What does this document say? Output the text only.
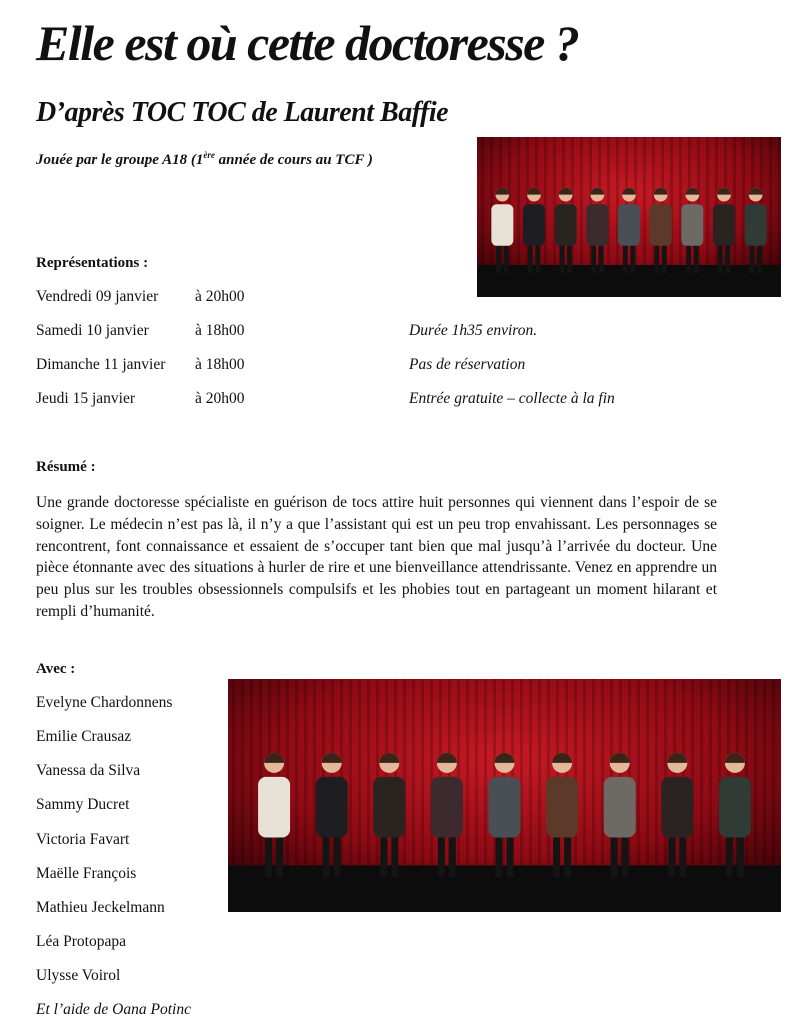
Elle est où cette doctoresse ?
D’après TOC TOC de Laurent Baffie
Jouée par le groupe A18 (1ère année de cours au TCF )
Représentations :
Vendredi 09 janvier à 20h00
Samedi 10 janvier	à 18h00
Dimanche 11 janvier à 18h00
Jeudi 15 janvier	à 20h00
Durée 1h35 environ.
Pas de réservation
Entrée gratuite – collecte à la fin
Résumé :

Une grande doctoresse spécialiste en guérison de tocs attire huit personnes qui viennent dans l’espoir de se soigner. Le médecin n’est pas là, il n’y a que l’assistant qui est un peu trop envahissant. Les personnages se rencontrent, font connaissance et essaient de s’occuper tant bien que mal jusqu’à l’arrivée du docteur. Une pièce étonnante avec des situations à hurler de rire et une bienveillance attendrissante. Venez en apprendre un peu plus sur les troubles obsessionnels compulsifs et les phobies tout en partageant un moment hilarant et rempli d’humanité.

Avec :
Evelyne Chardonnens
Emilie Crausaz
Vanessa da Silva
Sammy Ducret
Victoria Favart
Maëlle François
Mathieu Jeckelmann
Léa Protopapa
Ulysse Voirol
Et l’aide de Oana Potinc
